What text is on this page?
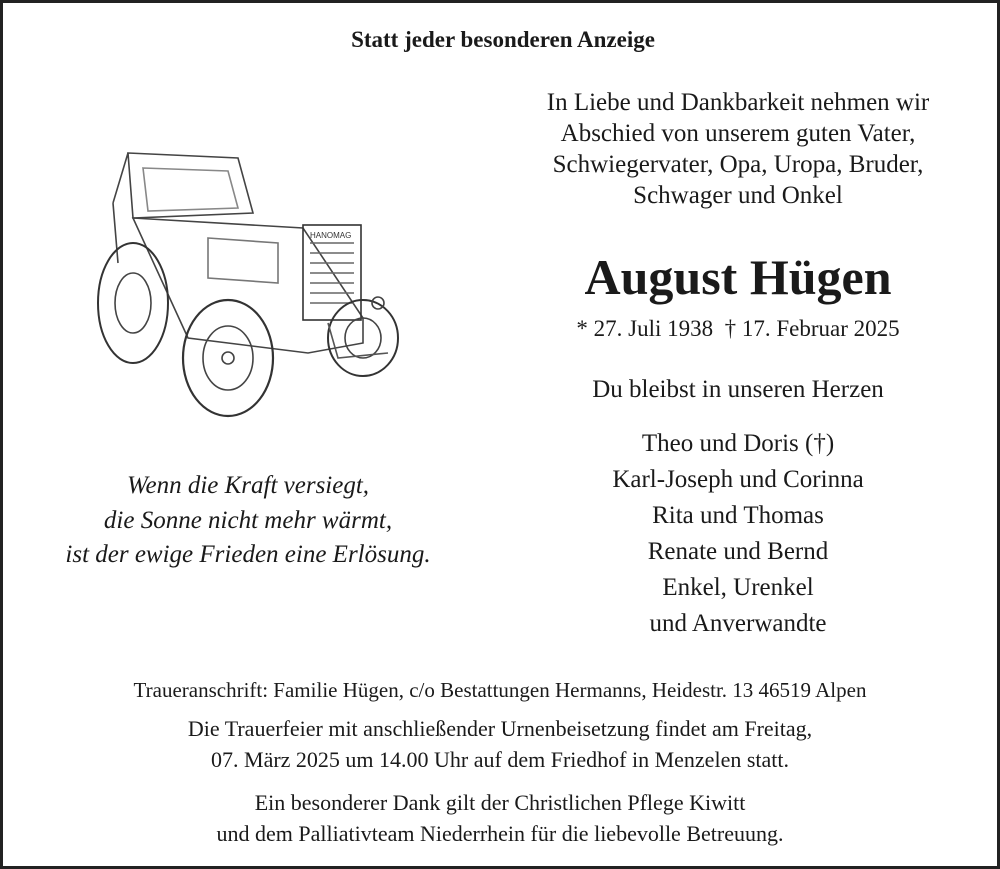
Statt jeder besonderen Anzeige
In Liebe und Dankbarkeit nehmen wir
Abschied von unserem guten Vater,
Schwiegervater, Opa, Uropa, Bruder,
Schwager und Onkel
August Hügen
* 27. Juli 1938  † 17. Februar 2025
Du bleibst in unseren Herzen
Theo und Doris (†)
Karl-Joseph und Corinna
Rita und Thomas
Renate und Bernd
Enkel, Urenkel
und Anverwandte
Wenn die Kraft versiegt,
die Sonne nicht mehr wärmt,
ist der ewige Frieden eine Erlösung.
HANOMAG
Traueranschrift: Familie Hügen, c/o Bestattungen Hermanns, Heidestr. 13 46519 Alpen
Die Trauerfeier mit anschließender Urnenbeisetzung findet am Freitag,
07. März 2025 um 14.00 Uhr auf dem Friedhof in Menzelen statt.
Ein besonderer Dank gilt der Christlichen Pflege Kiwitt
und dem Palliativteam Niederrhein für die liebevolle Betreuung.
